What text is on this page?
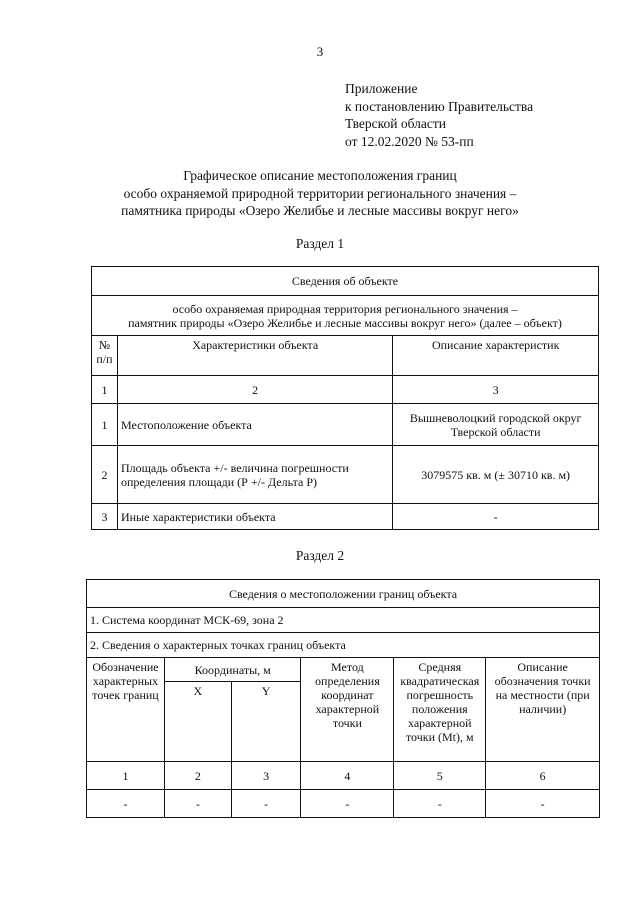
3
Приложение
к постановлению Правительства
Тверской области
от 12.02.2020 № 53-пп
Графическое описание местоположения границ
особо охраняемой природной территории регионального значения –
памятника природы «Озеро Желибье и лесные массивы вокруг него»
Раздел 1
Сведения об объекте		

особо охраняемая природная территория регионального значения –
памятник природы «Озеро Желибье и лесные массивы вокруг него» (далее – объект)		

№
п/п	Характеристики объекта	Описание характеристик
1	2	3
1	Местоположение объекта	Вышневолоцкий городской округ Тверской области
2	Площадь объекта +/- величина погрешности определения площади (Р +/- Дельта Р)	3079575 кв. м (± 30710 кв. м)
3	Иные характеристики объекта	-
Раздел 2
Сведения о местоположении границ объекта					
1. Система координат МСК-69, зона 2					
2. Сведения о характерных точках границ объекта					
Обозначение характерных точек границ	Координаты, м		Метод определения координат характерной точки	Средняя квадратическая погрешность положения характерной точки (Mt), м	Описание обозначения точки на местности (при наличии)
	X	Y			
1	2	3	4	5	6
-	-	-	-	-	-
